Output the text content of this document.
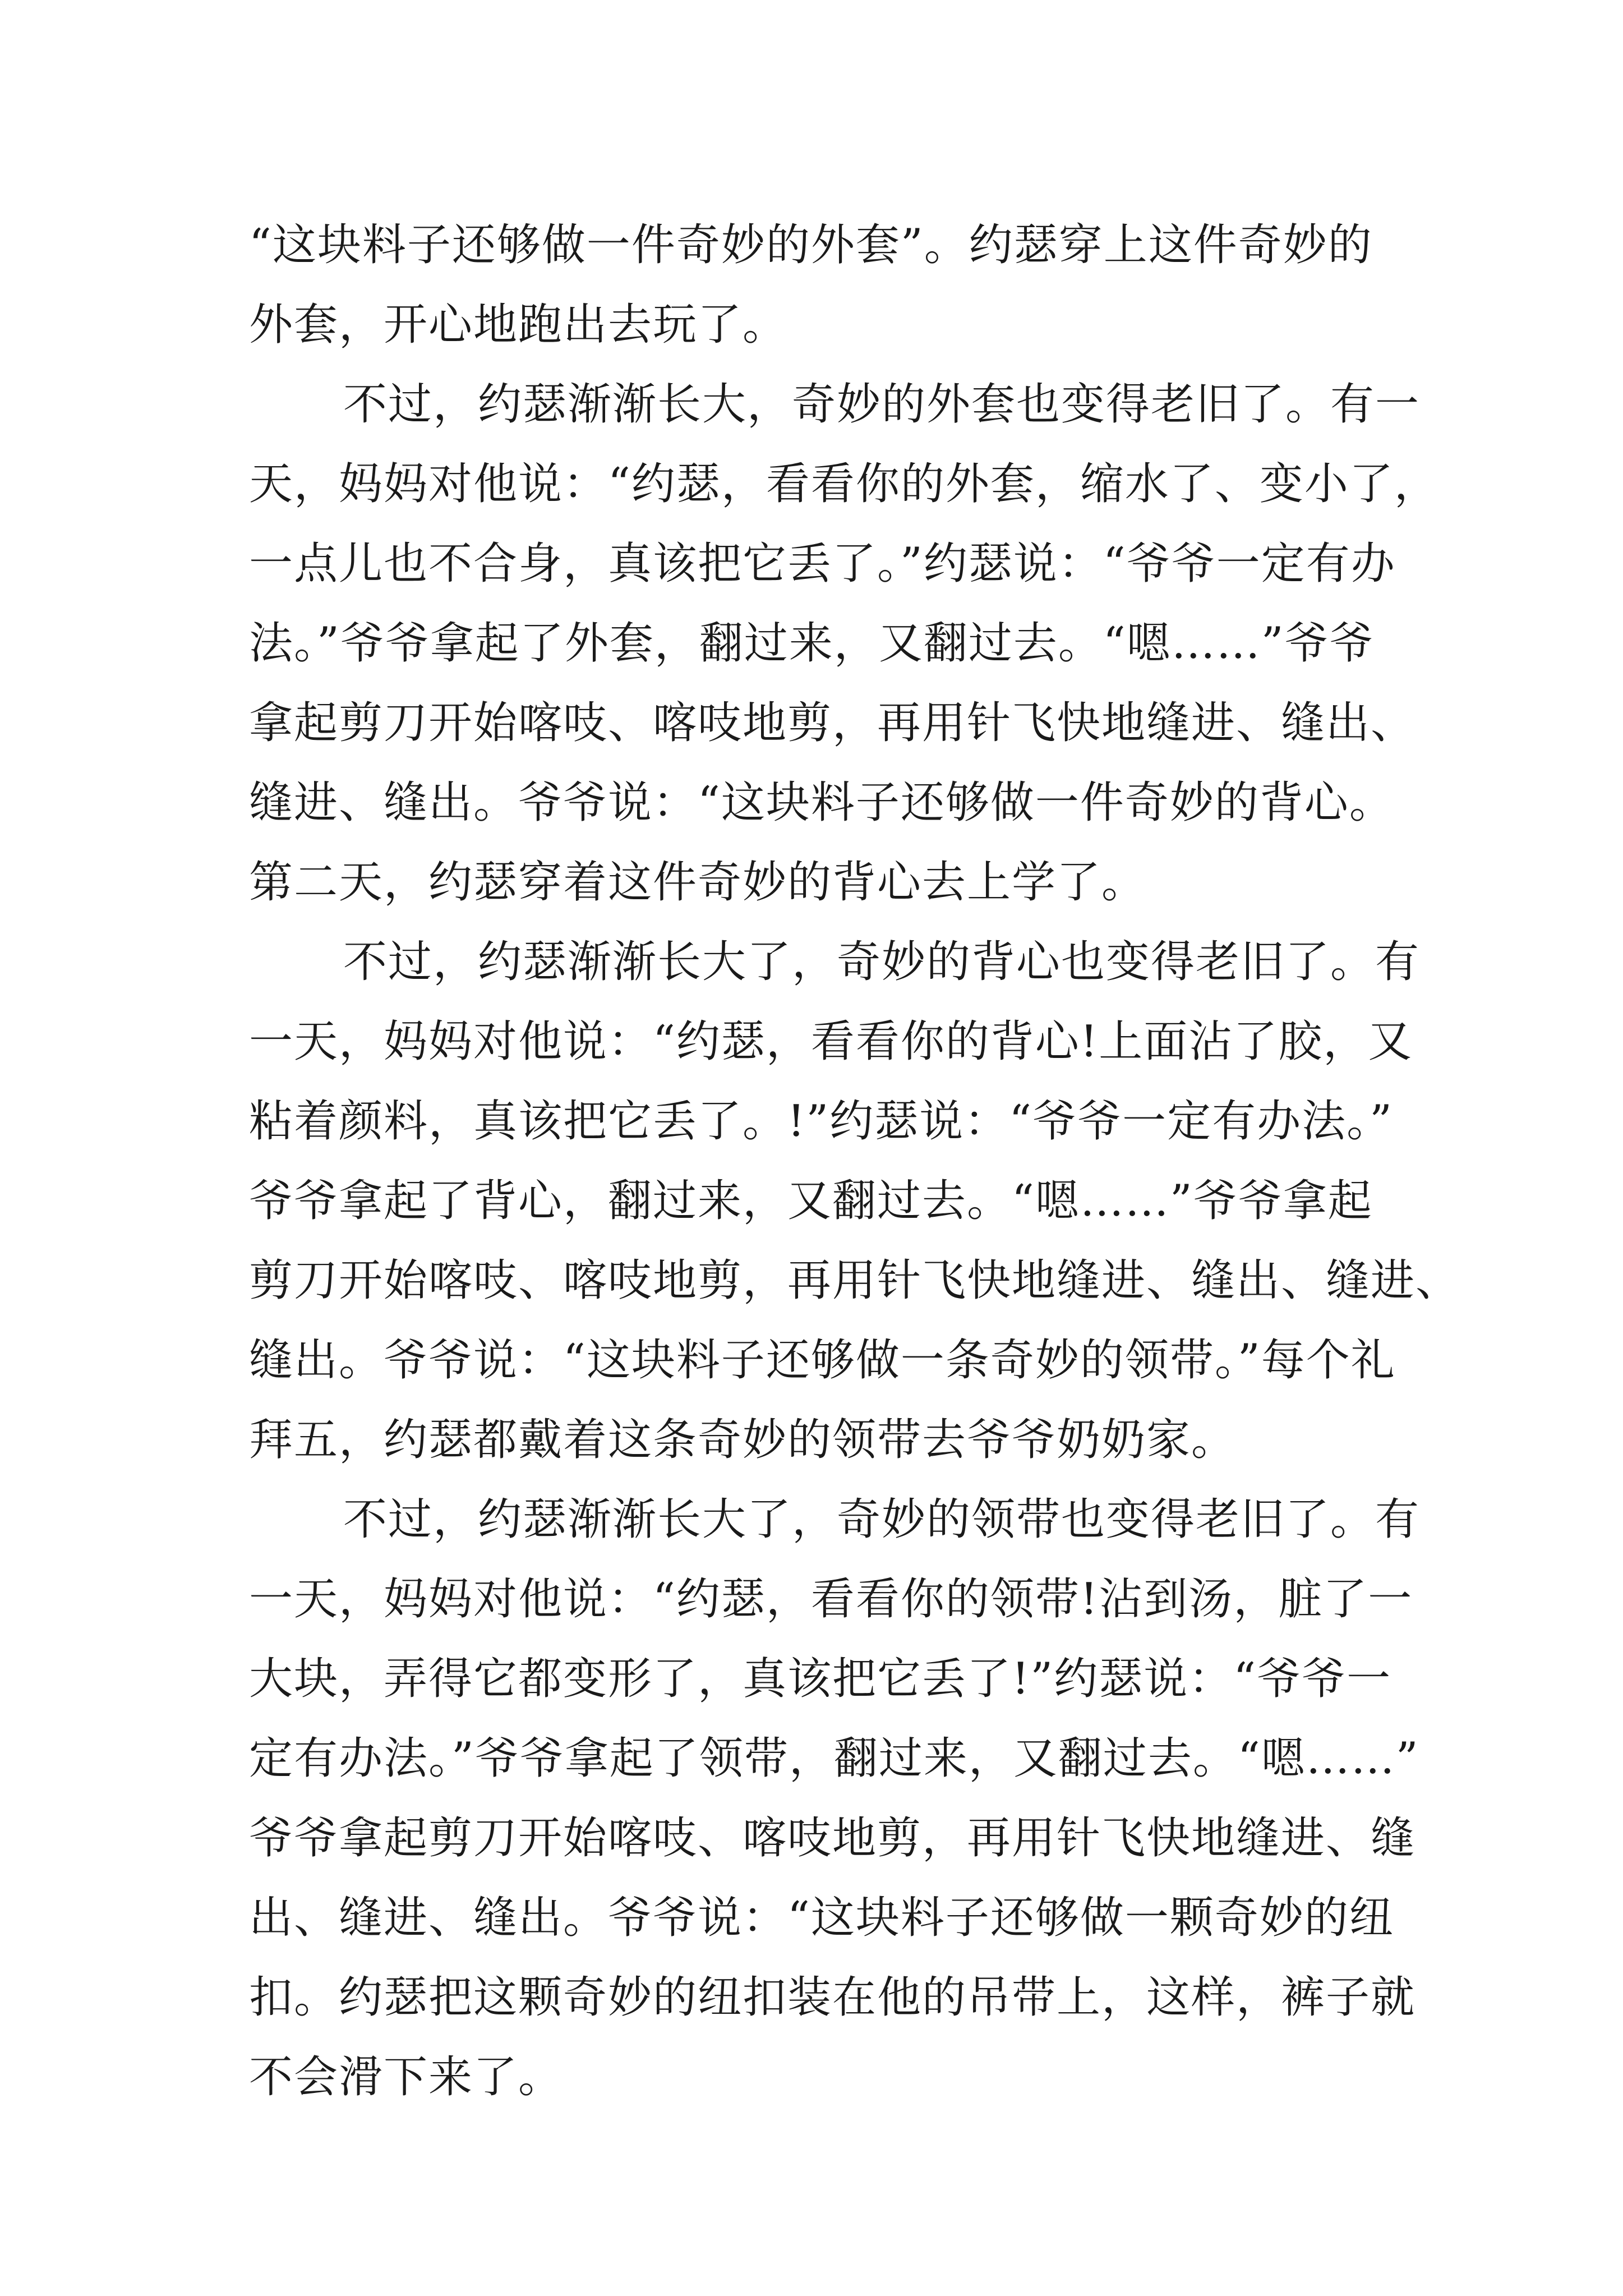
“这块料子还够做一件奇妙的外套”。约瑟穿上这件奇妙的
外套，开心地跑出去玩了。
不过，约瑟渐渐长大，奇妙的外套也变得老旧了。有一
天，妈妈对他说：“约瑟，看看你的外套，缩水了、变小了，
一点儿也不合身，真该把它丢了。”约瑟说：“爷爷一定有办
法。”爷爷拿起了外套，翻过来，又翻过去。“嗯……”爷爷
拿起剪刀开始喀吱、喀吱地剪，再用针飞快地缝进、缝出、
缝进、缝出。爷爷说：“这块料子还够做一件奇妙的背心。
第二天，约瑟穿着这件奇妙的背心去上学了。
不过，约瑟渐渐长大了，奇妙的背心也变得老旧了。有
一天，妈妈对他说：“约瑟，看看你的背心!上面沾了胶，又
粘着颜料，真该把它丢了。!”约瑟说：“爷爷一定有办法。”
爷爷拿起了背心，翻过来，又翻过去。“嗯……”爷爷拿起
剪刀开始喀吱、喀吱地剪，再用针飞快地缝进、缝出、缝进、
缝出。爷爷说：“这块料子还够做一条奇妙的领带。”每个礼
拜五，约瑟都戴着这条奇妙的领带去爷爷奶奶家。
不过，约瑟渐渐长大了，奇妙的领带也变得老旧了。有
一天，妈妈对他说：“约瑟，看看你的领带!沾到汤，脏了一
大块，弄得它都变形了，真该把它丢了!”约瑟说：“爷爷一
定有办法。”爷爷拿起了领带，翻过来，又翻过去。“嗯……”
爷爷拿起剪刀开始喀吱、喀吱地剪，再用针飞快地缝进、缝
出、缝进、缝出。爷爷说：“这块料子还够做一颗奇妙的纽
扣。约瑟把这颗奇妙的纽扣装在他的吊带上，这样，裤子就
不会滑下来了。
